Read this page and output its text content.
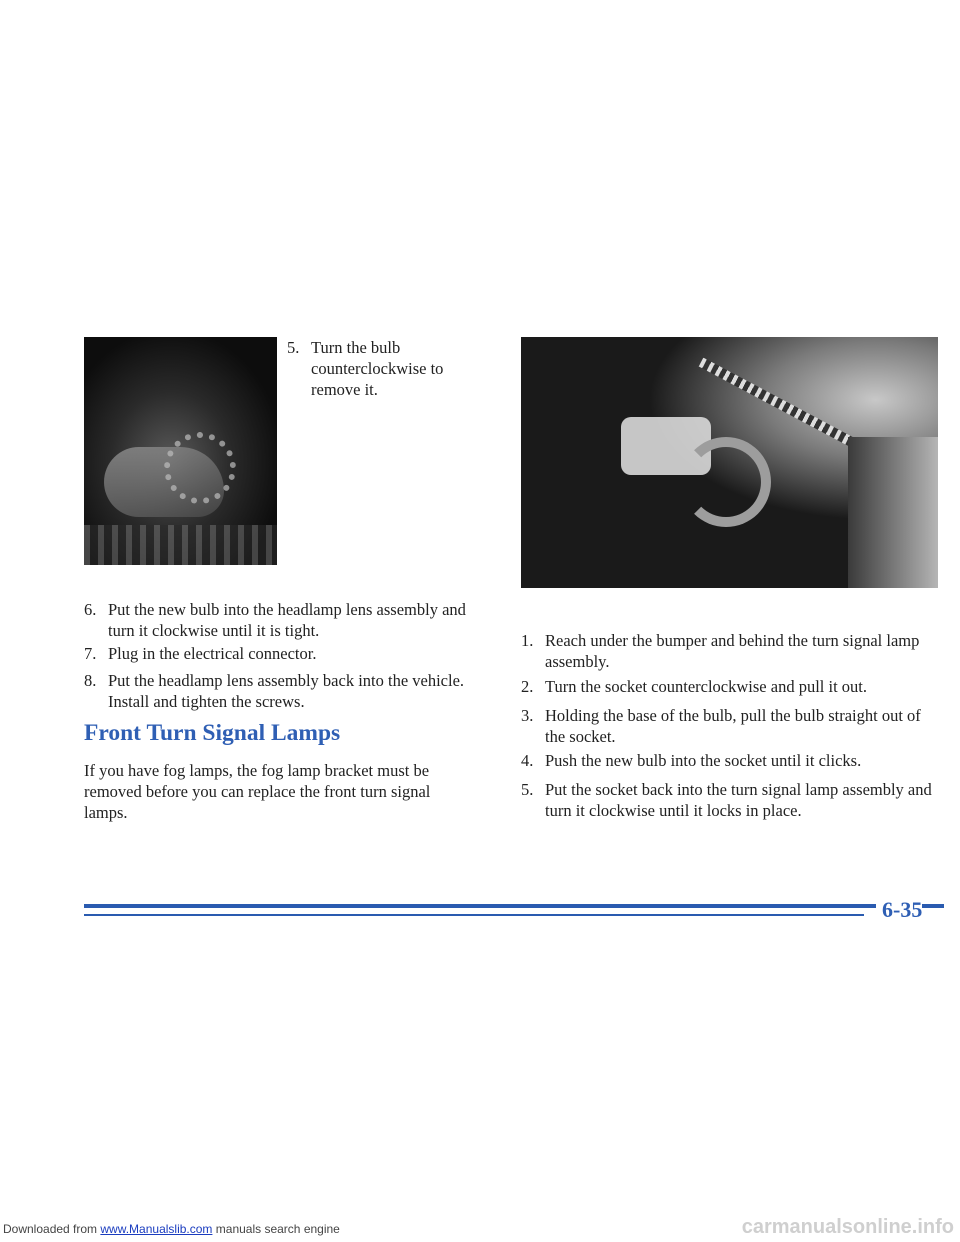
5. Turn the bulb counterclockwise to remove it.
6. Put the new bulb into the headlamp lens assembly and turn it clockwise until it is tight.
7. Plug in the electrical connector.
8. Put the headlamp lens assembly back into the vehicle. Install and tighten the screws.
Front Turn Signal Lamps

If you have fog lamps, the fog lamp bracket must be removed before you can replace the front turn signal lamps.

1. Reach under the bumper and behind the turn signal lamp assembly.
2. Turn the socket counterclockwise and pull it out.
3. Holding the base of the bulb, pull the bulb straight out of the socket.
4. Push the new bulb into the socket until it clicks.
5. Put the socket back into the turn signal lamp assembly and turn it clockwise until it locks in place.

6-35

Downloaded from www.Manualslib.com manuals search engine	carmanualsonline.info
